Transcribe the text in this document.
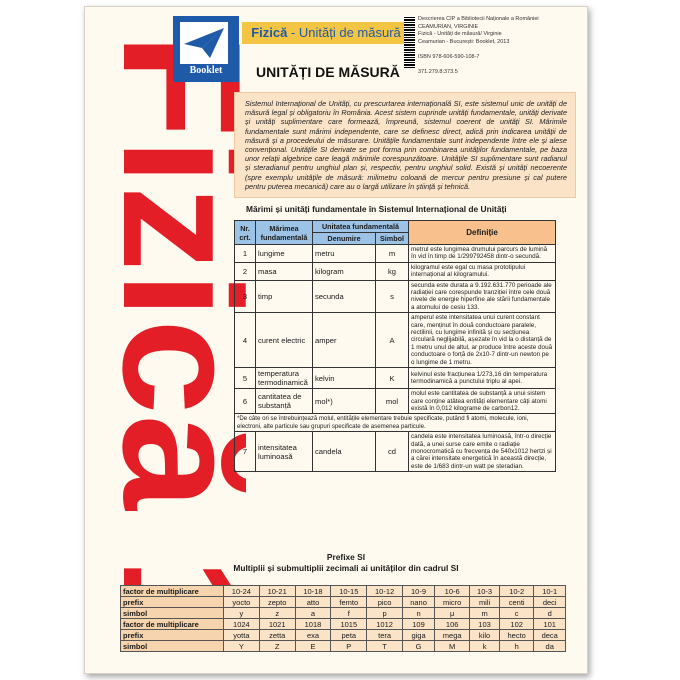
Fizică
Booklet
Fizică - Unități de măsură
Descrierea CIP a Bibliotecii Naționale a României
CEAMURIAN, VIRGINIE
Fizică - Unități de măsură/ Virginie
Ceamurian - București: Booklet, 2013

ISBN 978-606-590-108-7

371.279.8:373.5
UNITĂȚI DE MĂSURĂ
Sistemul Internațional de Unități, cu prescurtarea internațională SI, este sistemul unic de unități de măsură legal și obligatoriu în România. Acest sistem cuprinde unități fundamentale, unități derivate și unități suplimentare care formează, împreună, sistemul coerent de unități SI. Mărimile fundamentale sunt mărimi independente, care se definesc direct, adică prin indicarea unității de măsură și a procedeului de măsurare. Unitățile fundamentale sunt independente între ele și alese convențional. Unitățile SI derivate se pot forma prin combinarea unităților fundamentale, pe baza unor relații algebrice care leagă mărimile corespunzătoare. Unitățile SI suplimentare sunt radianul și steradianul pentru unghiul plan și, respectiv, pentru unghiul solid. Există și unități necoerente (spre exemplu unitățile de măsură: milimetru coloană de mercur pentru presiune și cal putere pentru puterea mecanică) care au o largă utilizare în știință și tehnică.
Mărimi și unități fundamentale în Sistemul Internațional de Unități
Nr. crt.	Mărimea fundamentală	Unitatea fundamentală		Definiție
		Denumire	Simbol	
1	lungime	metru	m	metrul este lungimea drumului parcurs de lumină în vid în timp de 1/299792458 dintr-o secundă.
2	masa	kilogram	kg	kilogramul este egal cu masa prototipului internațional al kilogramului.
3	timp	secunda	s	secunda este durata a 9.192.631.770 perioade ale radiației care corespunde tranziției între cele două nivele de energie hiperfine ale stării fundamentale a atomului de cesiu 133.
4	curent electric	amper	A	amperul este intensitatea unui curent constant care, menținut în două conductoare paralele, rectilinii, cu lungime infinită și cu secțiunea circulară neglijabilă, așezate în vid la o distanță de 1 metru unul de altul, ar produce între aceste două conductoare o forță de 2x10-7 dintr-un newton pe o lungime de 1 metru.
5	temperatura termodinamică	kelvin	K	kelvinul este fracțiunea 1/273,16 din temperatura termodinamică a punctului triplu al apei.
6	cantitatea de substanță	mol*)	mol	molul este cantitatea de substanță a unui sistem care conține atâtea entități elementare câți atomi există în 0,012 kilograme de carbon12.
*De câte ori se întrebuințează molul, entitățile elementare trebuie specificate, putând fi atomi, molecule, ioni, electroni, alte particule sau grupuri specificate de asemenea particule.				
7	intensitatea luminoasă	candela	cd	candela este intensitatea luminoasă, într-o direcție dată, a unei surse care emite o radiație monocromatică cu frecvența de 540x1012 hertzi și a cărei intensitate energetică în această direcție, este de 1/683 dintr-un watt pe steradian.
Prefixe SI
Multiplii și submultiplii zecimali ai unităților din cadrul SI
factor de multiplicare	10-24	10-21	10-18	10-15	10-12	10-9	10-6	10-3	10-2	10-1
prefix	yocto	zepto	atto	femto	pico	nano	micro	mili	centi	deci
simbol	y	z	a	f	p	n	μ	m	c	d
factor de multiplicare	1024	1021	1018	1015	1012	109	106	103	102	101
prefix	yotta	zetta	exa	peta	tera	giga	mega	kilo	hecto	deca
simbol	Y	Z	E	P	T	G	M	k	h	da
